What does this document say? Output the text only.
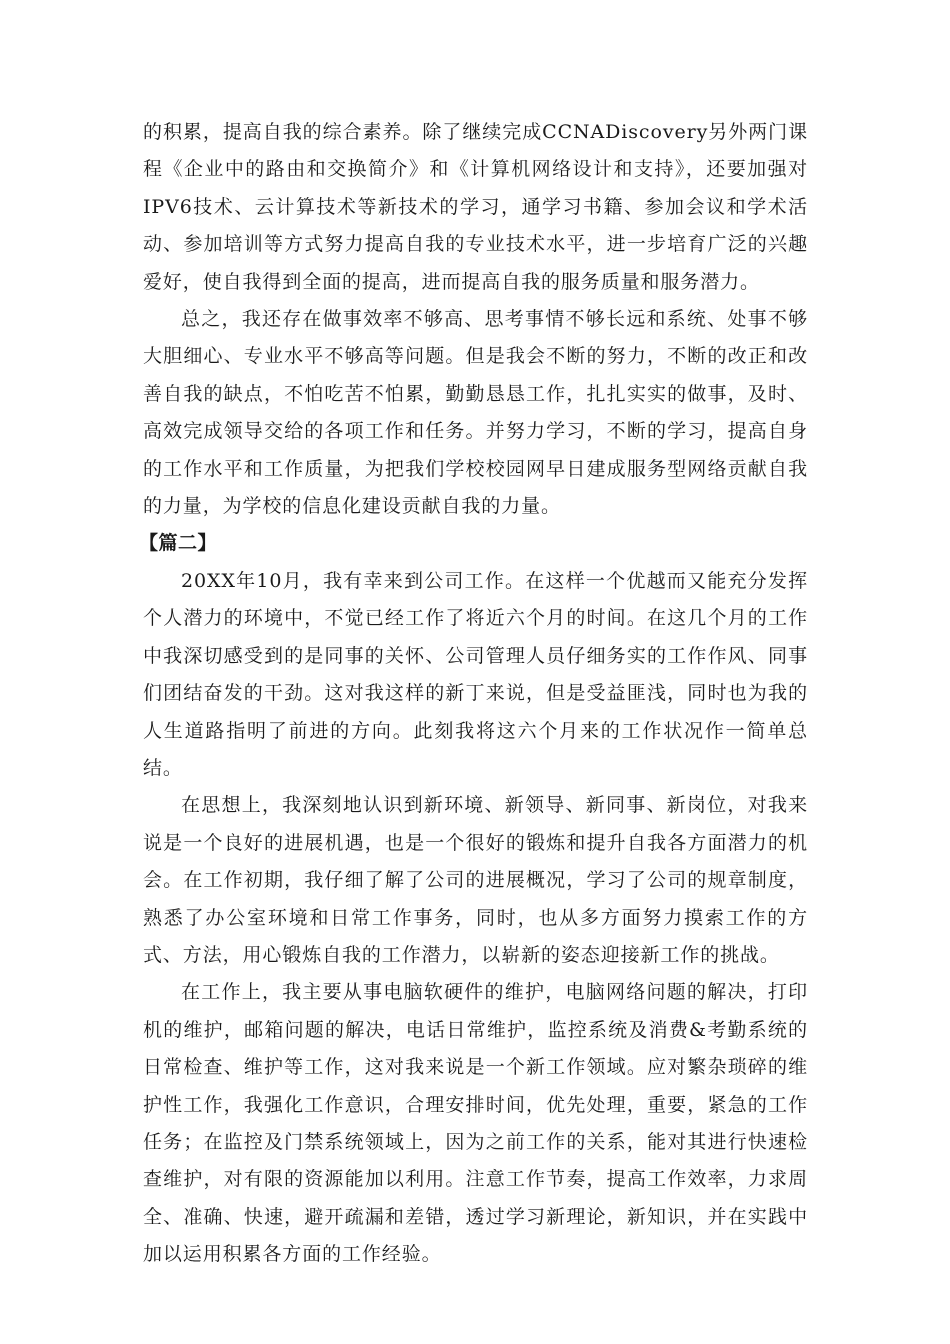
的积累，提高自我的综合素养。除了继续完成CCNADiscovery另外两门课程《企业中的路由和交换简介》和《计算机网络设计和支持》，还要加强对IPV6技术、云计算技术等新技术的学习，通学习书籍、参加会议和学术活动、参加培训等方式努力提高自我的专业技术水平，进一步培育广泛的兴趣爱好，使自我得到全面的提高，进而提高自我的服务质量和服务潜力。

总之，我还存在做事效率不够高、思考事情不够长远和系统、处事不够大胆细心、专业水平不够高等问题。但是我会不断的努力，不断的改正和改善自我的缺点，不怕吃苦不怕累，勤勤恳恳工作，扎扎实实的做事，及时、高效完成领导交给的各项工作和任务。并努力学习，不断的学习，提高自身的工作水平和工作质量，为把我们学校校园网早日建成服务型网络贡献自我的力量，为学校的信息化建设贡献自我的力量。

【篇二】

20XX年10月，我有幸来到公司工作。在这样一个优越而又能充分发挥个人潜力的环境中，不觉已经工作了将近六个月的时间。在这几个月的工作中我深切感受到的是同事的关怀、公司管理人员仔细务实的工作作风、同事们团结奋发的干劲。这对我这样的新丁来说，但是受益匪浅，同时也为我的人生道路指明了前进的方向。此刻我将这六个月来的工作状况作一简单总结。

在思想上，我深刻地认识到新环境、新领导、新同事、新岗位，对我来说是一个良好的进展机遇，也是一个很好的锻炼和提升自我各方面潜力的机会。在工作初期，我仔细了解了公司的进展概况，学习了公司的规章制度，熟悉了办公室环境和日常工作事务，同时，也从多方面努力摸索工作的方式、方法，用心锻炼自我的工作潜力，以崭新的姿态迎接新工作的挑战。

在工作上，我主要从事电脑软硬件的维护，电脑网络问题的解决，打印机的维护，邮箱问题的解决，电话日常维护，监控系统及消费&考勤系统的日常检查、维护等工作，这对我来说是一个新工作领域。应对繁杂琐碎的维护性工作，我强化工作意识，合理安排时间，优先处理，重要，紧急的工作任务；在监控及门禁系统领域上，因为之前工作的关系，能对其进行快速检查维护，对有限的资源能加以利用。注意工作节奏，提高工作效率，力求周全、准确、快速，避开疏漏和差错，透过学习新理论，新知识，并在实践中加以运用积累各方面的工作经验。
